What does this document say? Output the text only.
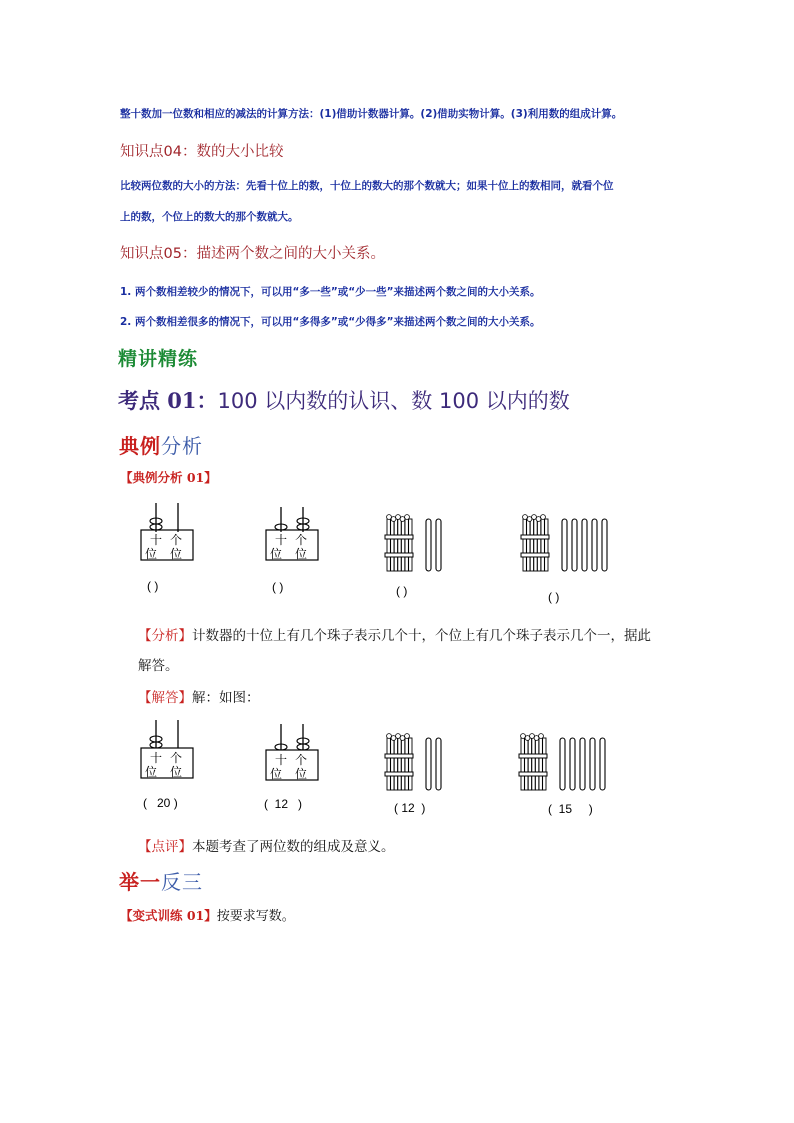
整十数加一位数和相应的减法的计算方法：(1)借助计数器计算。(2)借助实物计算。(3)利用数的组成计算。
知识点04：数的大小比较
比较两位数的大小的方法：先看十位上的数，十位上的数大的那个数就大；如果十位上的数相同，就看个位
上的数，个位上的数大的那个数就大。
知识点05：描述两个数之间的大小关系。
1. 两个数相差较少的情况下，可以用“多一些”或“少一些”来描述两个数之间的大小关系。
2. 两个数相差很多的情况下，可以用“多得多”或“少得多”来描述两个数之间的大小关系。
精讲精练
考点 01：100 以内数的认识、数 100 以内的数
典例分析
【典例分析 01】
十 个
位 位
十 个
位 位
( )	( )	( )	( )
【分析】计数器的十位上有几个珠子表示几个十，个位上有几个珠子表示几个一，据此
解答。
【解答】解：如图：
十 个
位 位
十 个
位 位
(   20 )	(  12   )	( 12  )	(  15     )
【点评】本题考查了两位数的组成及意义。
举一反三
【变式训练 01】按要求写数。
